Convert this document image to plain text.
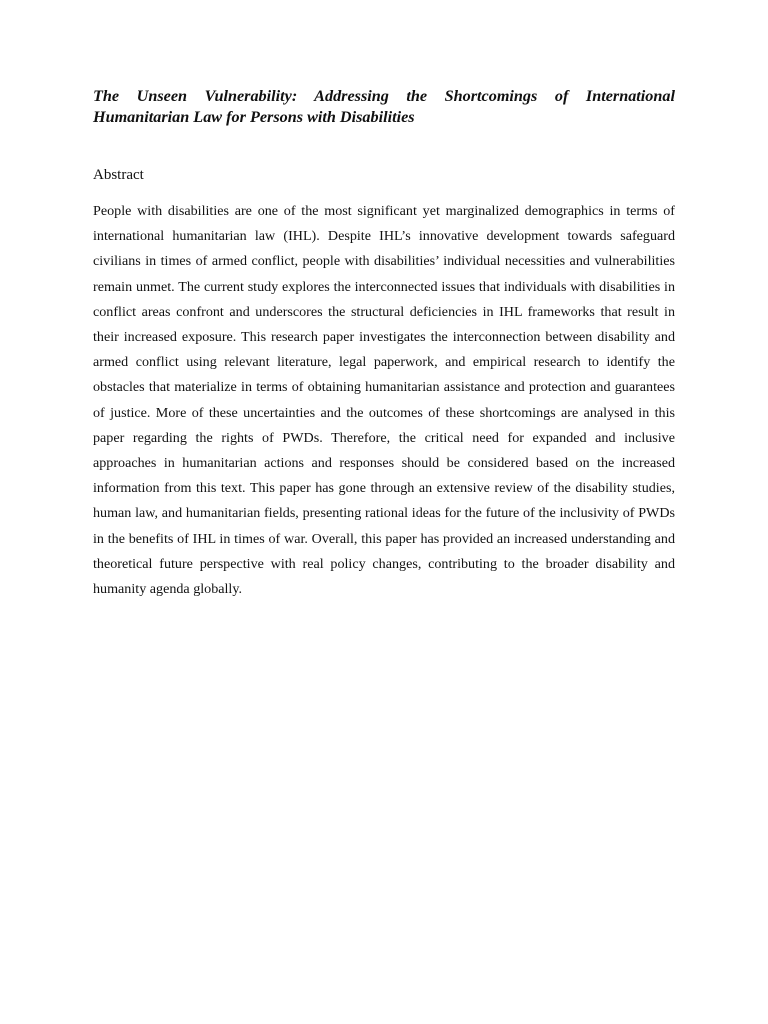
The Unseen Vulnerability: Addressing the Shortcomings of International Humanitarian Law for Persons with Disabilities
Abstract

People with disabilities are one of the most significant yet marginalized demographics in terms of international humanitarian law (IHL). Despite IHL’s innovative development towards safeguard civilians in times of armed conflict, people with disabilities’ individual necessities and vulnerabilities remain unmet. The current study explores the interconnected issues that individuals with disabilities in conflict areas confront and underscores the structural deficiencies in IHL frameworks that result in their increased exposure. This research paper investigates the interconnection between disability and armed conflict using relevant literature, legal paperwork, and empirical research to identify the obstacles that materialize in terms of obtaining humanitarian assistance and protection and guarantees of justice. More of these uncertainties and the outcomes of these shortcomings are analysed in this paper regarding the rights of PWDs. Therefore, the critical need for expanded and inclusive approaches in humanitarian actions and responses should be considered based on the increased information from this text. This paper has gone through an extensive review of the disability studies, human law, and humanitarian fields, presenting rational ideas for the future of the inclusivity of PWDs in the benefits of IHL in times of war. Overall, this paper has provided an increased understanding and theoretical future perspective with real policy changes, contributing to the broader disability and humanity agenda globally.
